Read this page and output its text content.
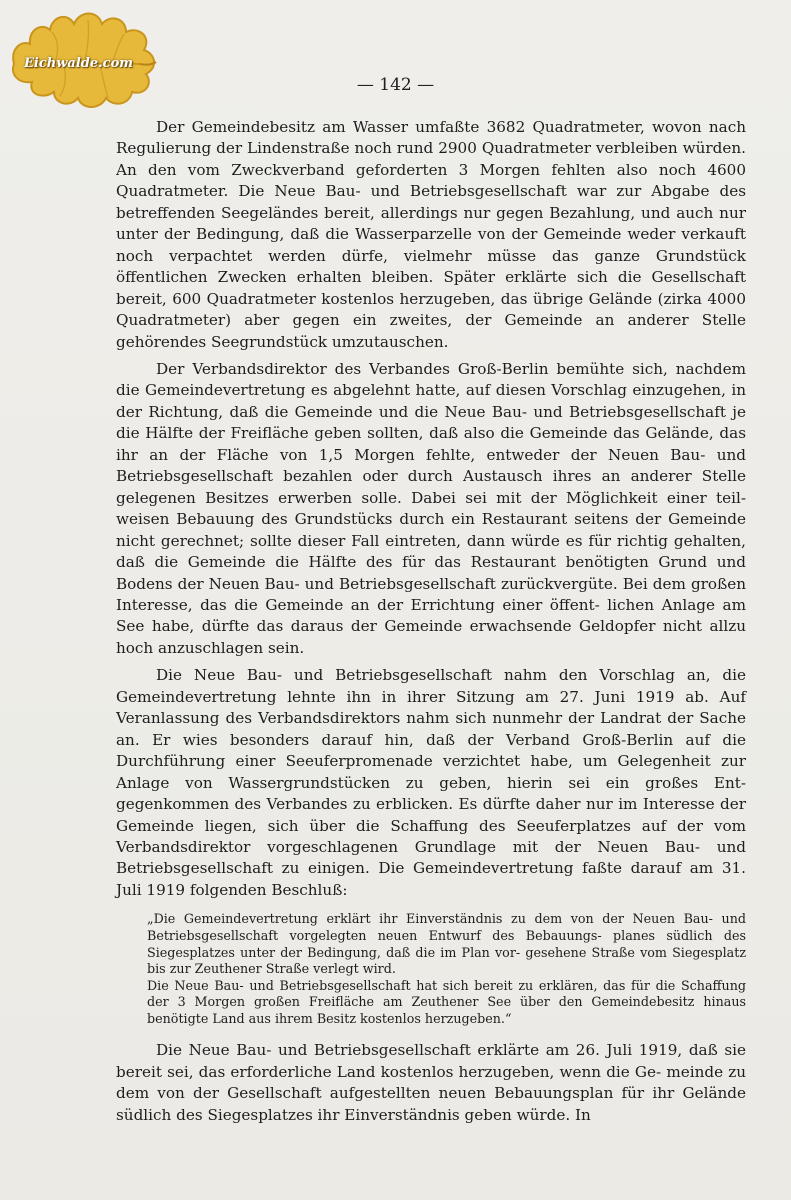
Eichwalde.com
— 142 —

Der Gemeindebesitz am Wasser umfaßte 3682 Quadratmeter, wovon nach Regulierung der Lindenstraße noch rund 2900 Quadratmeter verbleiben würden. An den vom Zweckverband geforderten 3 Morgen fehlten also noch 4600 Quadratmeter. Die Neue Bau- und Betriebsgesellschaft war zur Abgabe des betreffenden Seegeländes bereit, allerdings nur gegen Bezahlung, und auch nur unter der Bedingung, daß die Wasserparzelle von der Gemeinde weder verkauft noch verpachtet werden dürfe, vielmehr müsse das ganze Grundstück öffentlichen Zwecken erhalten bleiben. Später erklärte sich die Gesellschaft bereit, 600 Quadratmeter kostenlos herzugeben, das übrige Gelände (zirka 4000 Quadratmeter) aber gegen ein zweites, der Gemeinde an anderer Stelle gehörendes Seegrundstück umzutauschen.

Der Verbandsdirektor des Verbandes Groß-Berlin bemühte sich, nachdem die Gemeindevertretung es abgelehnt hatte, auf diesen Vorschlag einzugehen, in der Richtung, daß die Gemeinde und die Neue Bau- und Betriebsgesellschaft je die Hälfte der Freifläche geben sollten, daß also die Gemeinde das Gelände, das ihr an der Fläche von 1,5 Morgen fehlte, entweder der Neuen Bau- und Betriebsgesellschaft bezahlen oder durch Austausch ihres an anderer Stelle gelegenen Besitzes erwerben solle. Dabei sei mit der Möglichkeit einer teil- weisen Bebauung des Grundstücks durch ein Restaurant seitens der Gemeinde nicht gerechnet; sollte dieser Fall eintreten, dann würde es für richtig gehalten, daß die Gemeinde die Hälfte des für das Restaurant benötigten Grund und Bodens der Neuen Bau- und Betriebsgesellschaft zurückvergüte. Bei dem großen Interesse, das die Gemeinde an der Errichtung einer öffent- lichen Anlage am See habe, dürfte das daraus der Gemeinde erwachsende Geldopfer nicht allzu hoch anzuschlagen sein.

Die Neue Bau- und Betriebsgesellschaft nahm den Vorschlag an, die Gemeindevertretung lehnte ihn in ihrer Sitzung am 27. Juni 1919 ab. Auf Veranlassung des Verbandsdirektors nahm sich nunmehr der Landrat der Sache an. Er wies besonders darauf hin, daß der Verband Groß-Berlin auf die Durchführung einer Seeuferpromenade verzichtet habe, um Gelegenheit zur Anlage von Wassergrundstücken zu geben, hierin sei ein großes Ent- gegenkommen des Verbandes zu erblicken. Es dürfte daher nur im Interesse der Gemeinde liegen, sich über die Schaffung des Seeuferplatzes auf der vom Verbandsdirektor vorgeschlagenen Grundlage mit der Neuen Bau- und Betriebsgesellschaft zu einigen. Die Gemeindevertretung faßte darauf am 31. Juli 1919 folgenden Beschluß:

„Die Gemeindevertretung erklärt ihr Einverständnis zu dem von der Neuen Bau- und Betriebsgesellschaft vorgelegten neuen Entwurf des Bebauungs- planes südlich des Siegesplatzes unter der Bedingung, daß die im Plan vor- gesehene Straße vom Siegesplatz bis zur Zeuthener Straße verlegt wird.

Die Neue Bau- und Betriebsgesellschaft hat sich bereit zu erklären, das für die Schaffung der 3 Morgen großen Freifläche am Zeuthener See über den Gemeindebesitz hinaus benötigte Land aus ihrem Besitz kostenlos herzugeben.“

Die Neue Bau- und Betriebsgesellschaft erklärte am 26. Juli 1919, daß sie bereit sei, das erforderliche Land kostenlos herzugeben, wenn die Ge- meinde zu dem von der Gesellschaft aufgestellten neuen Bebauungsplan für ihr Gelände südlich des Siegesplatzes ihr Einverständnis geben würde. In
